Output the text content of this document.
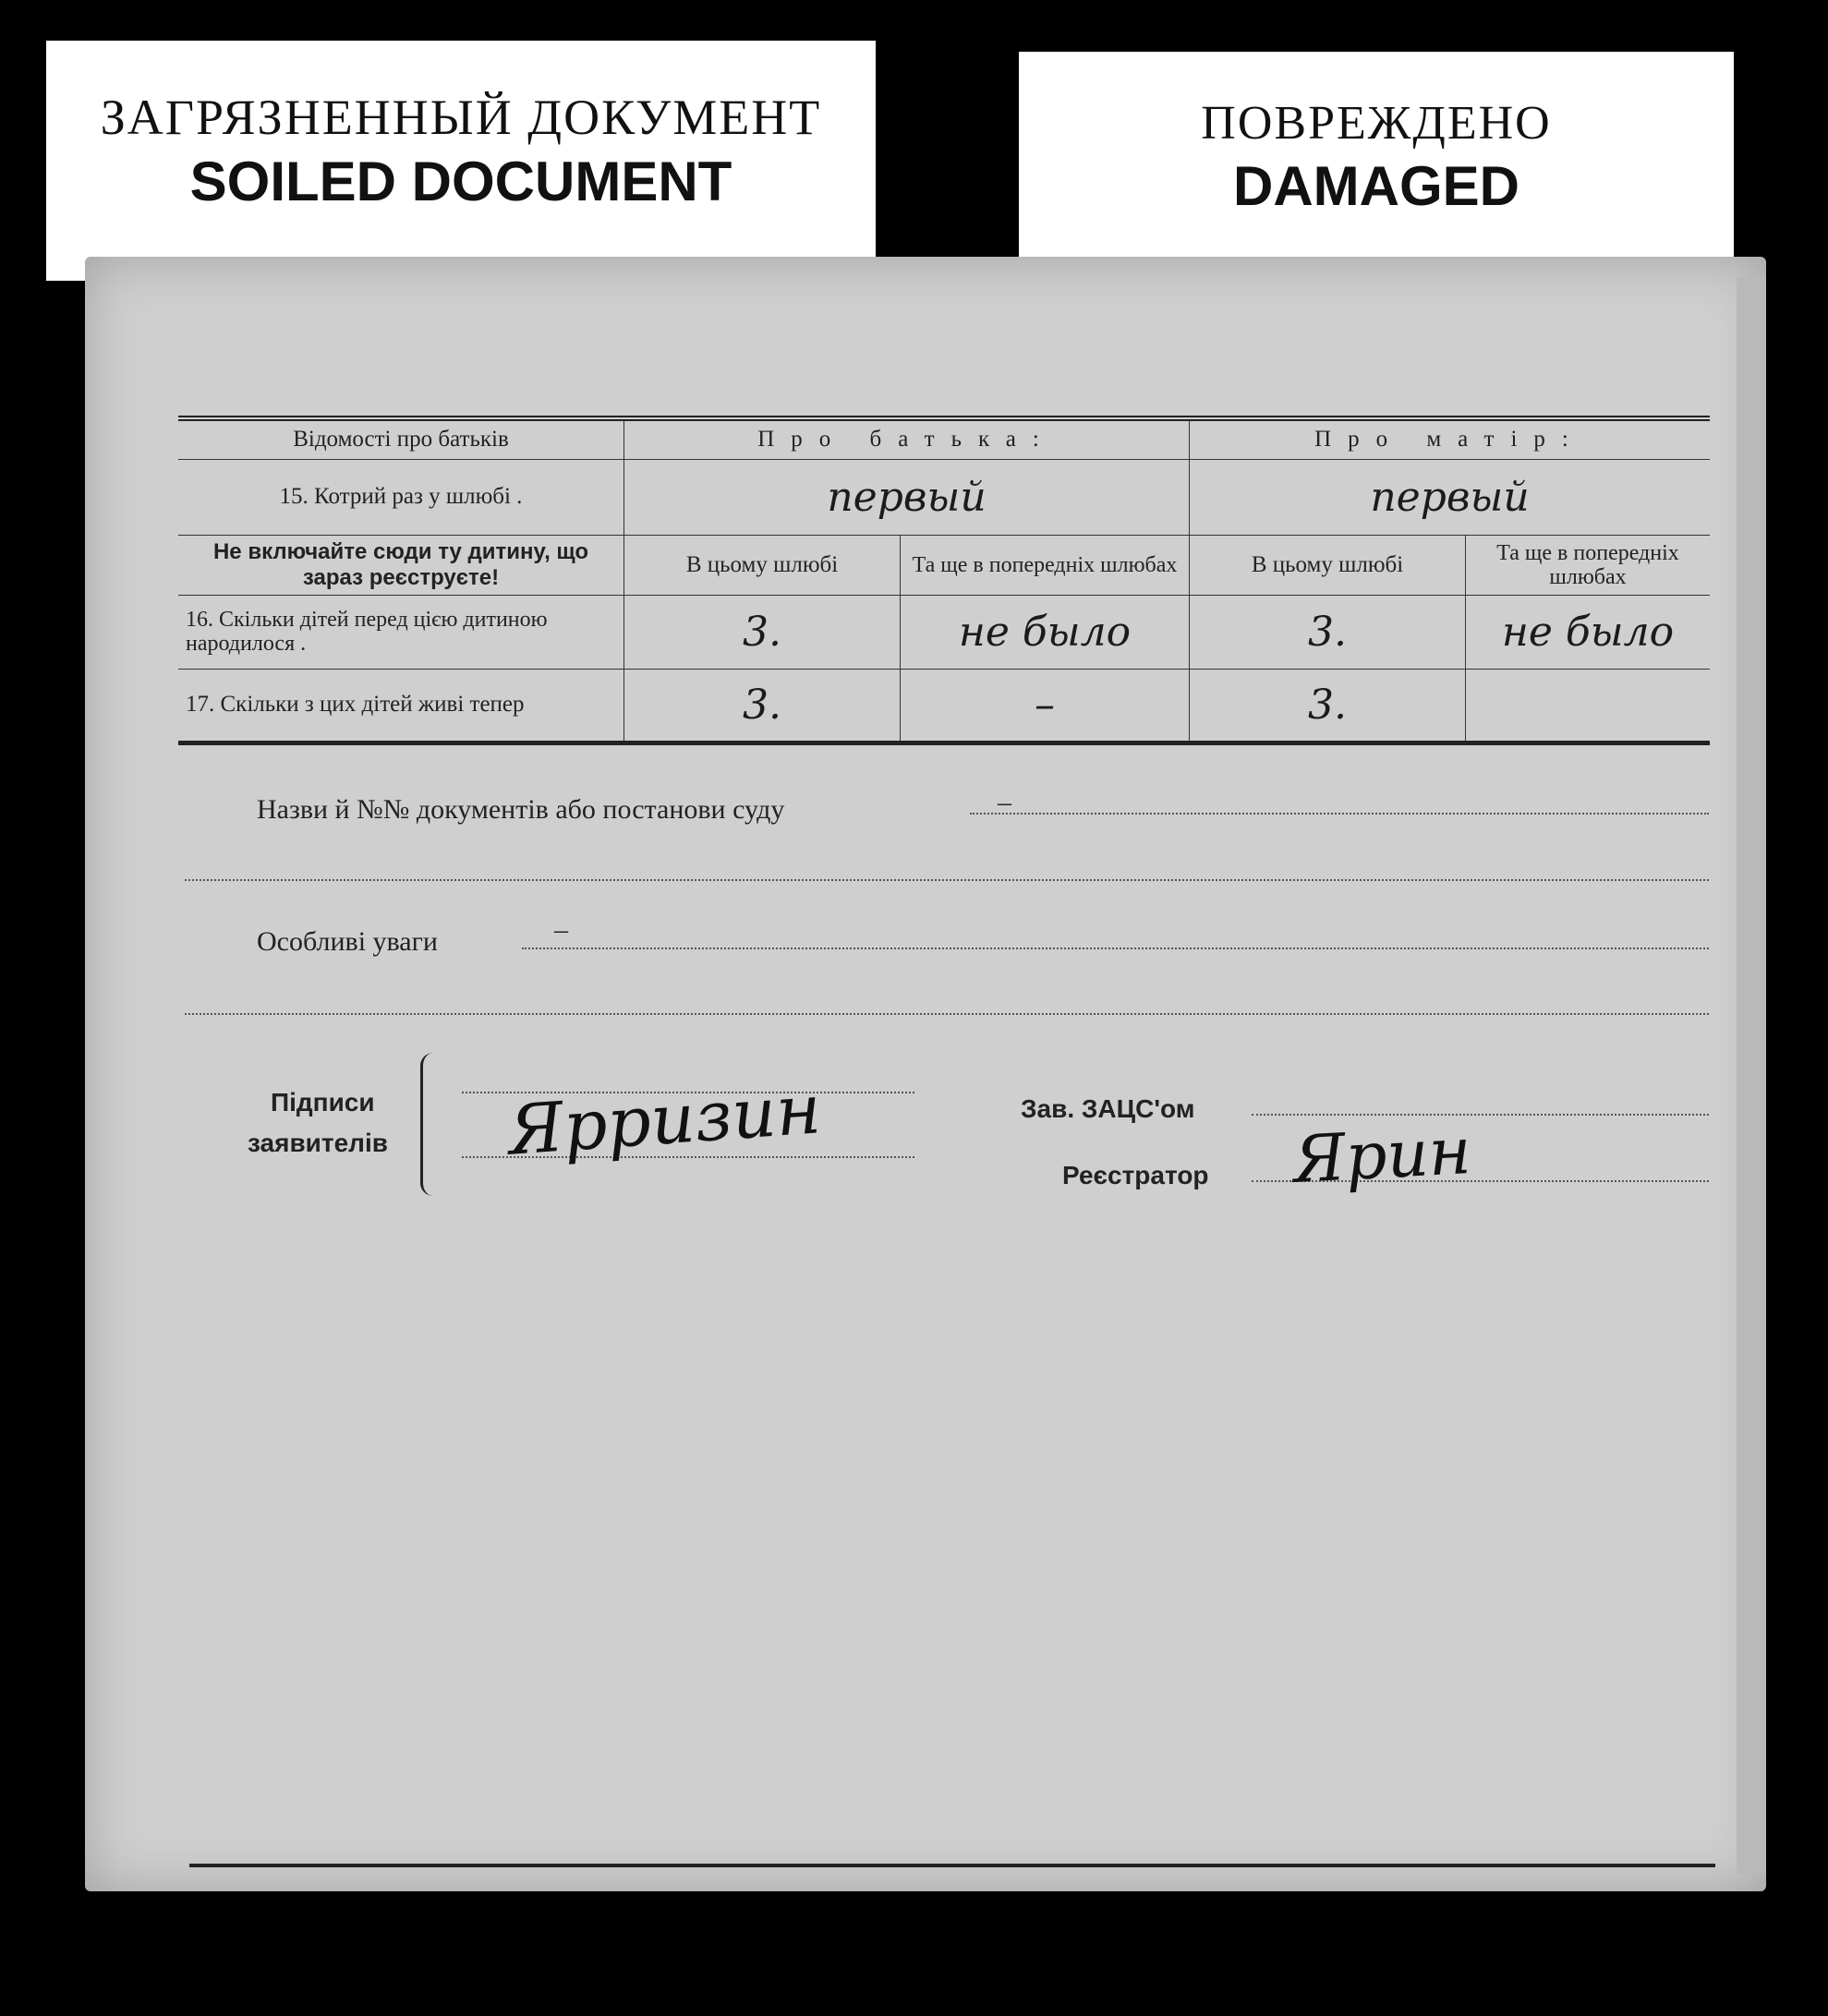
ЗАГРЯЗНЕННЫЙ ДОКУМЕНТ
SOILED DOCUMENT
ПОВРЕЖДЕНО
DAMAGED
Відомості про батьків	Про батька:		Про матір:	
15. Котрий раз у шлюбі .	первый		первый	
Не включайте сюди ту дитину, що зараз реєструєте!	В цьому шлюбі	Та ще в попередніх шлюбах	В цьому шлюбі	Та ще в попередніх шлюбах
16. Скільки дітей перед цією дитиною народилося .	3.	не было	3.	не было
17. Скільки з цих дітей живі тепер	3.	–	3.	
Назви й №№ документів або постанови суду	–
Особливі уваги	–
Підписи
заявителів Ярризин	Зав. ЗАЦС'ом
Реєстратор Ярин
